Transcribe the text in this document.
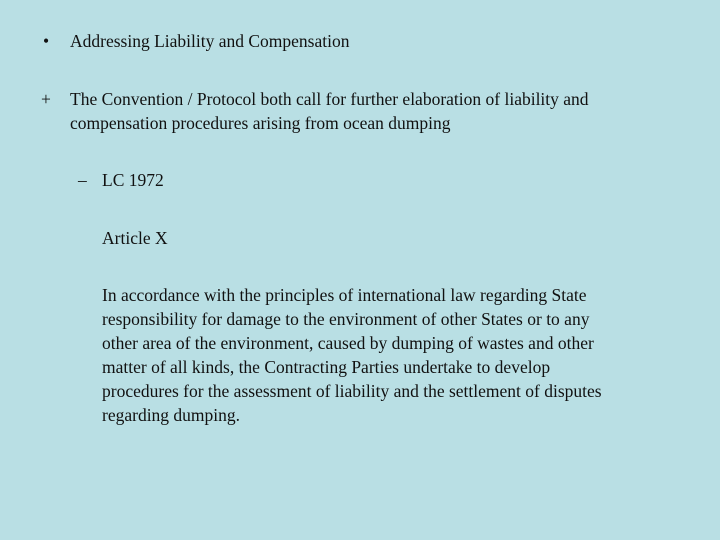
• Addressing Liability and Compensation
+ The Convention / Protocol both call for further elaboration of liability and
compensation procedures arising from ocean dumping
– LC 1972
Article X
In accordance with the principles of international law regarding State
responsibility for damage to the environment of other States or to any
other area of the environment, caused by dumping of wastes and other
matter of all kinds, the Contracting Parties undertake to develop
procedures for the assessment of liability and the settlement of disputes
regarding dumping.
